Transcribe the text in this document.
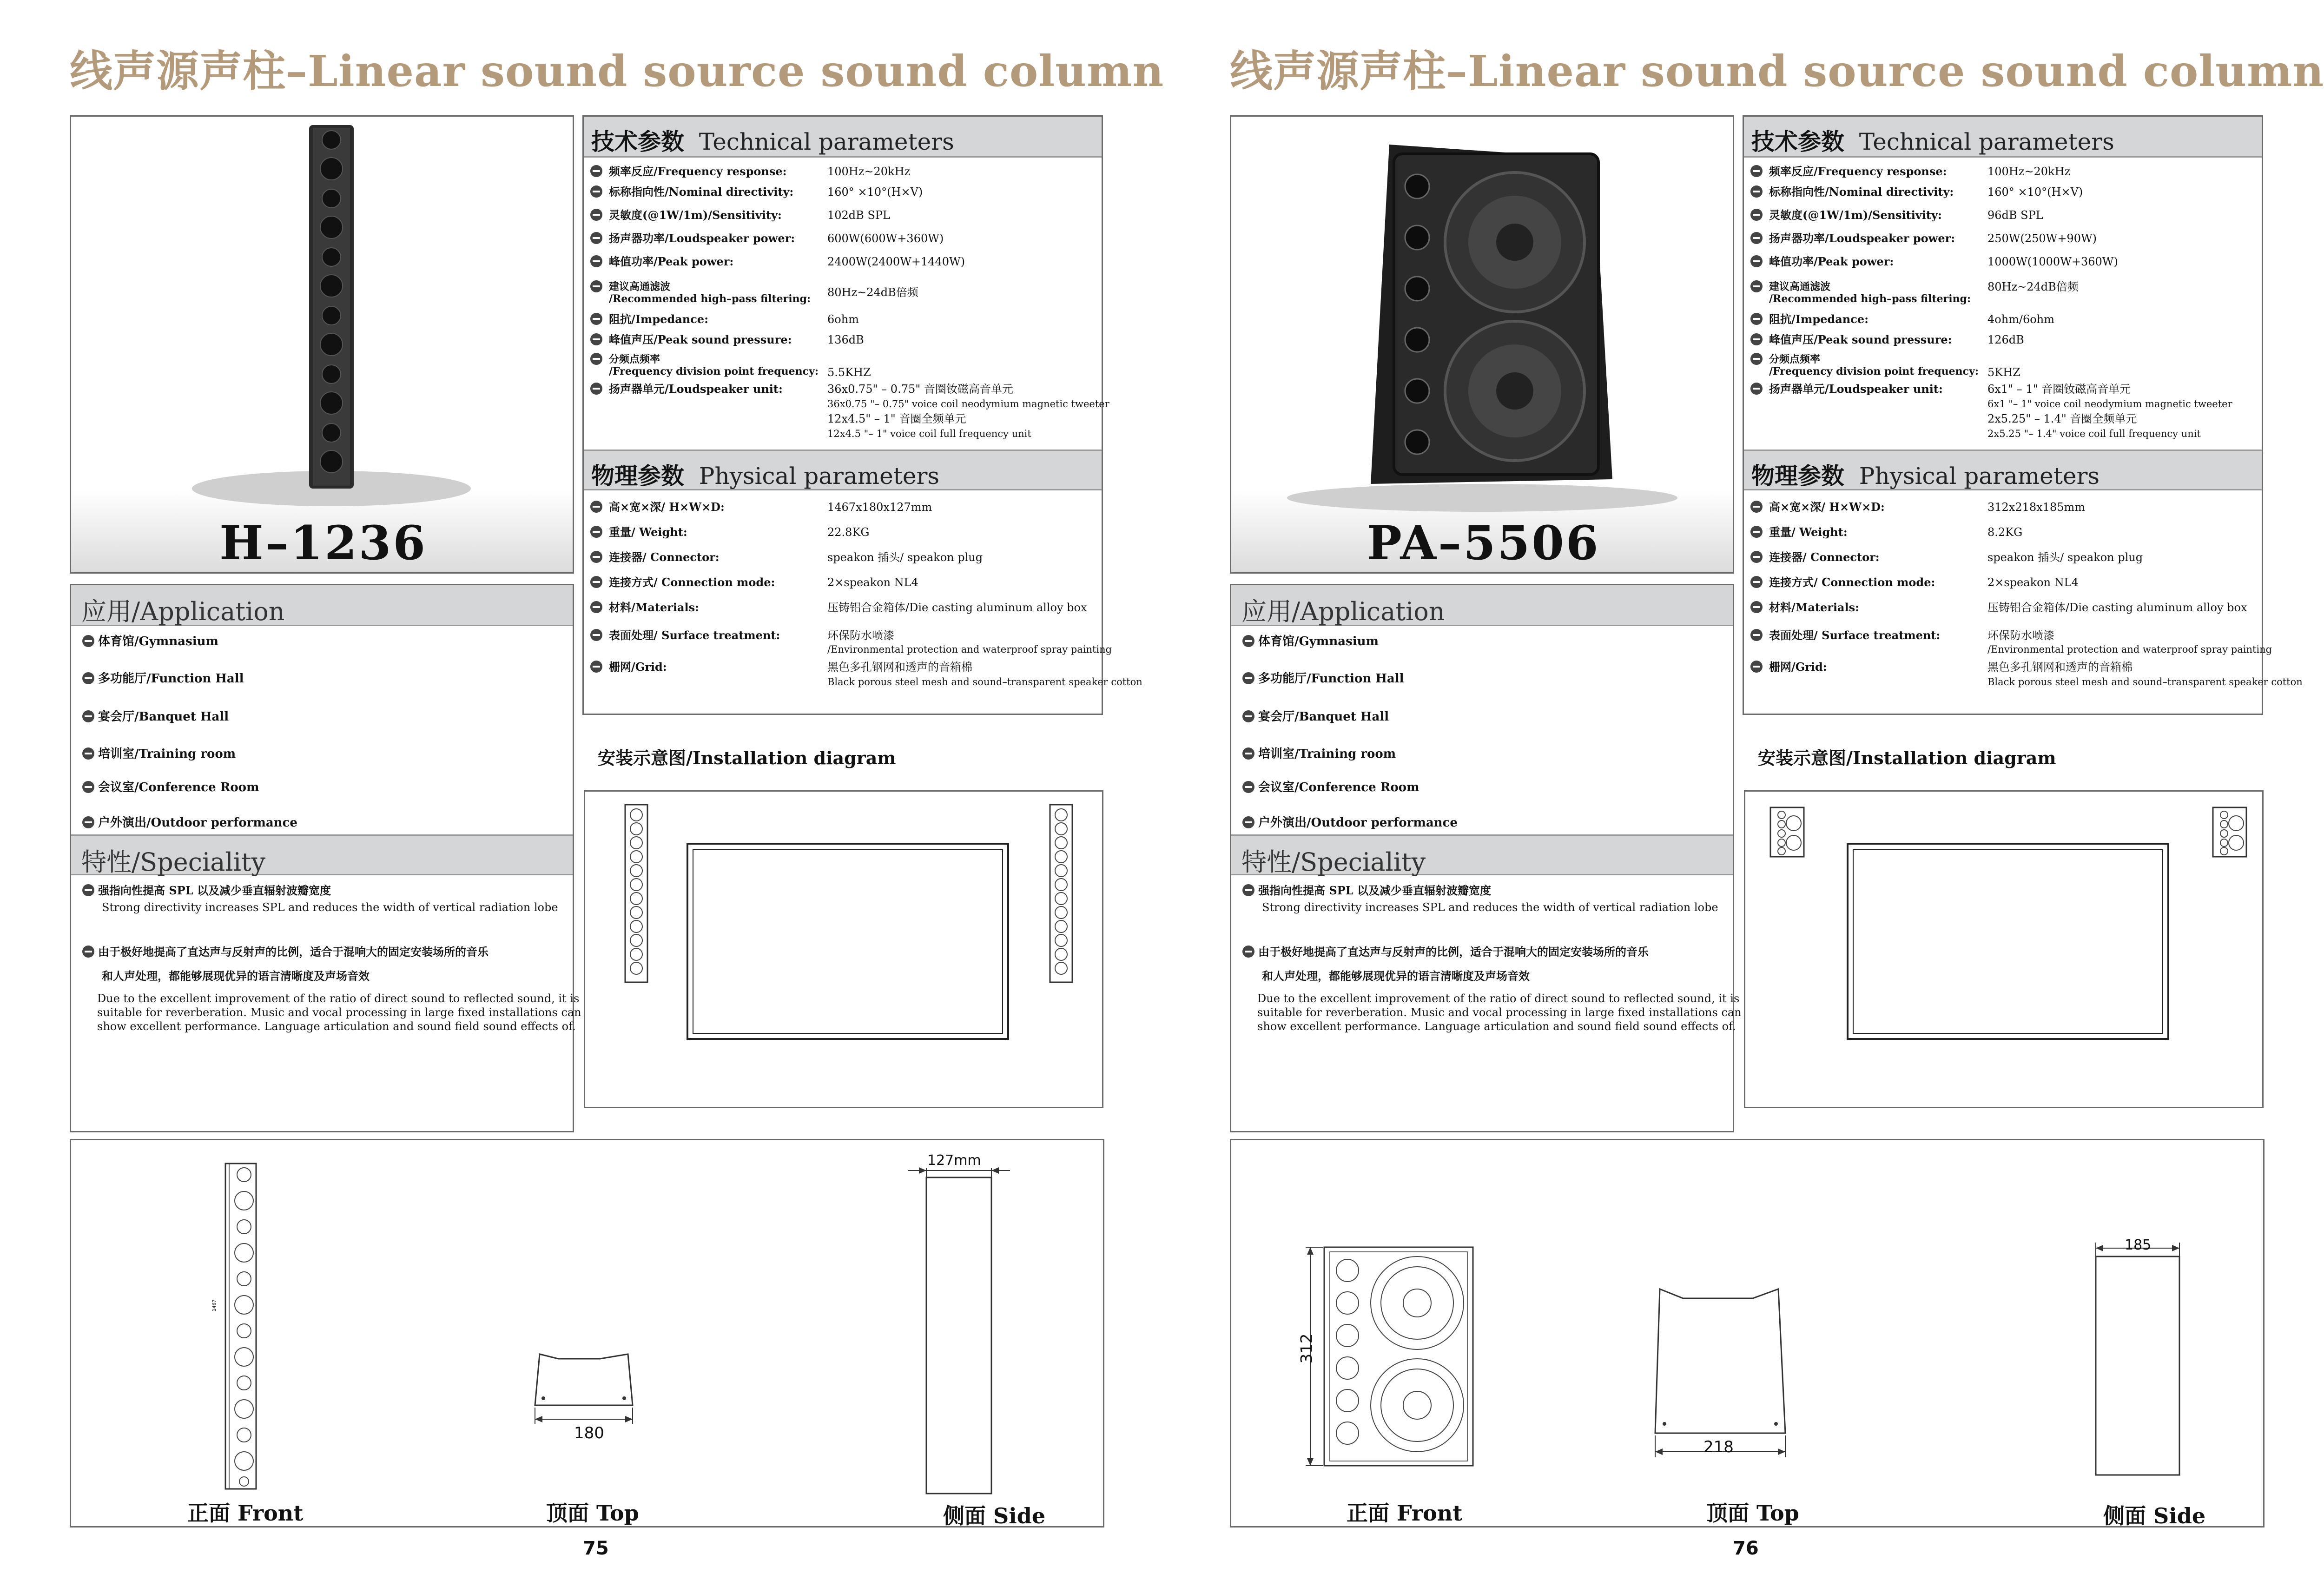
线声源声柱–Linear sound source sound column
H–1236
技术参数 Technical parameters
频率反应/Frequency response:	100Hz~20kHz
标称指向性/Nominal directivity:	160° ×10°(H×V)
灵敏度(@1W/1m)/Sensitivity:	102dB SPL
扬声器功率/Loudspeaker power:	600W(600W+360W)
峰值功率/Peak power:	2400W(2400W+1440W)
建议高通滤波
/Recommended high–pass filtering: 80Hz~24dB倍频
阻抗/Impedance:	6ohm
峰值声压/Peak sound pressure:	136dB
分频点频率
/Frequency division point frequency: 5.5KHZ
扬声器单元/Loudspeaker unit:	36x0.75" – 0.75" 音圈钕磁高音单元
36x0.75 "– 0.75" voice coil neodymium magnetic tweeter
12x4.5" – 1" 音圈全频单元
12x4.5 "– 1" voice coil full frequency unit
物理参数 Physical parameters
高×宽×深/ H×W×D:	1467x180x127mm
重量/ Weight:	22.8KG
连接器/ Connector:	speakon 插头/ speakon plug
连接方式/ Connection mode:	2×speakon NL4
材料/Materials:	压铸铝合金箱体/Die casting aluminum alloy box
表面处理/ Surface treatment:	环保防水喷漆
/Environmental protection and waterproof spray painting
栅网/Grid:	黑色多孔钢网和透声的音箱棉
Black porous steel mesh and sound–transparent speaker cotton
应用/Application
体育馆/Gymnasium
多功能厅/Function Hall
宴会厅/Banquet Hall
培训室/Training room
会议室/Conference Room
户外演出/Outdoor performance
特性/Speciality
强指向性提高 SPL 以及减少垂直辐射波瓣宽度
Strong directivity increases SPL and reduces the width of vertical radiation lobe
由于极好地提高了直达声与反射声的比例，适合于混响大的固定安装场所的音乐
和人声处理，都能够展现优异的语言清晰度及声场音效
Due to the excellent improvement of the ratio of direct sound to reflected sound, it is
suitable for reverberation. Music and vocal processing in large fixed installations can
show excellent performance. Language articulation and sound field sound effects of.
安装示意图/Installation diagram
1467
180
127mm
正面 Front	顶面 Top	侧面 Side
75
线声源声柱–Linear sound source sound column
PA–5506
技术参数 Technical parameters
频率反应/Frequency response:	100Hz~20kHz
标称指向性/Nominal directivity:	160° ×10°(H×V)
灵敏度(@1W/1m)/Sensitivity:	96dB SPL
扬声器功率/Loudspeaker power:	250W(250W+90W)
峰值功率/Peak power:	1000W(1000W+360W)
建议高通滤波
/Recommended high–pass filtering:
80Hz~24dB倍频
阻抗/Impedance:	4ohm/6ohm
峰值声压/Peak sound pressure:	126dB
分频点频率
/Frequency division point frequency: 5KHZ
扬声器单元/Loudspeaker unit:	6x1" – 1" 音圈钕磁高音单元
6x1 "– 1" voice coil neodymium magnetic tweeter
2x5.25" – 1.4" 音圈全频单元
2x5.25 "– 1.4" voice coil full frequency unit
物理参数 Physical parameters
高×宽×深/ H×W×D:	312x218x185mm
重量/ Weight:	8.2KG
连接器/ Connector:	speakon 插头/ speakon plug
连接方式/ Connection mode:	2×speakon NL4
材料/Materials:	压铸铝合金箱体/Die casting aluminum alloy box
表面处理/ Surface treatment:	环保防水喷漆
/Environmental protection and waterproof spray painting
栅网/Grid:	黑色多孔钢网和透声的音箱棉
Black porous steel mesh and sound–transparent speaker cotton
应用/Application
体育馆/Gymnasium
多功能厅/Function Hall
宴会厅/Banquet Hall
培训室/Training room
会议室/Conference Room
户外演出/Outdoor performance
特性/Speciality
强指向性提高 SPL 以及减少垂直辐射波瓣宽度
Strong directivity increases SPL and reduces the width of vertical radiation lobe
由于极好地提高了直达声与反射声的比例，适合于混响大的固定安装场所的音乐
和人声处理，都能够展现优异的语言清晰度及声场音效
Due to the excellent improvement of the ratio of direct sound to reflected sound, it is
suitable for reverberation. Music and vocal processing in large fixed installations can
show excellent performance. Language articulation and sound field sound effects of.
安装示意图/Installation diagram
312
218
185
正面 Front	顶面 Top	侧面 Side
76
